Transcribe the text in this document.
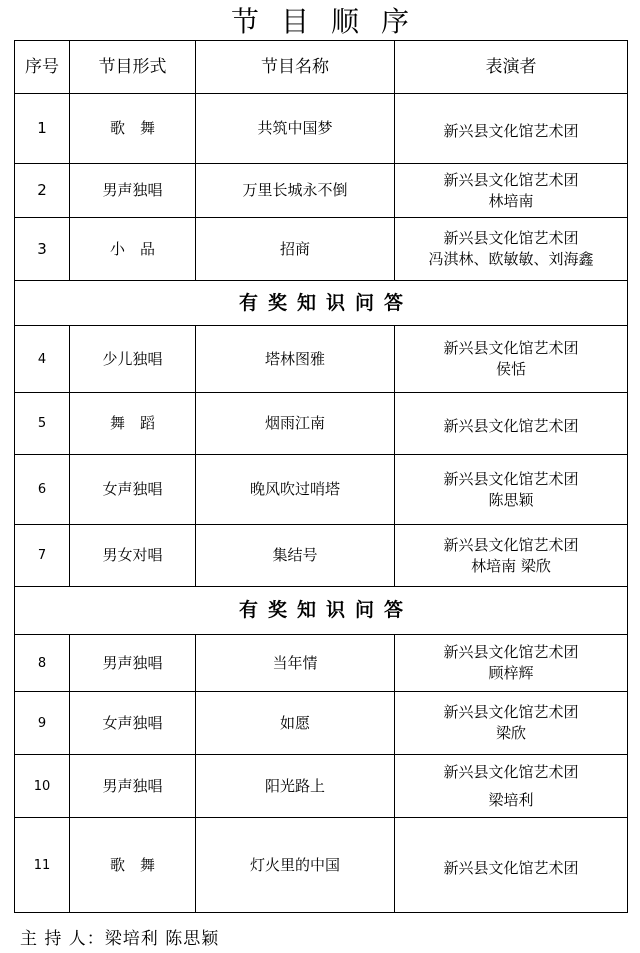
节目顺序
序号	节目形式	节目名称	表演者
1	歌　舞	共筑中国梦	新兴县文化馆艺术团

2	男声独唱	万里长城永不倒	新兴县文化馆艺术团
林培南

3	小　品	招商	新兴县文化馆艺术团
冯淇林、欧敏敏、刘海鑫

有奖知识问答			
4	少儿独唱	塔林图雅	新兴县文化馆艺术团
侯恬

5	舞　蹈	烟雨江南	新兴县文化馆艺术团

6	女声独唱	晚风吹过哨塔	新兴县文化馆艺术团
陈思颖

7	男女对唱	集结号	新兴县文化馆艺术团
林培南 梁欣

有奖知识问答			
8	男声独唱	当年情	新兴县文化馆艺术团
顾梓辉

9	女声独唱	如愿	新兴县文化馆艺术团
梁欣

10	男声独唱	阳光路上	新兴县文化馆艺术团
梁培利

11	歌　舞	灯火里的中国	新兴县文化馆艺术团
主 持 人：梁培利 陈思颖
